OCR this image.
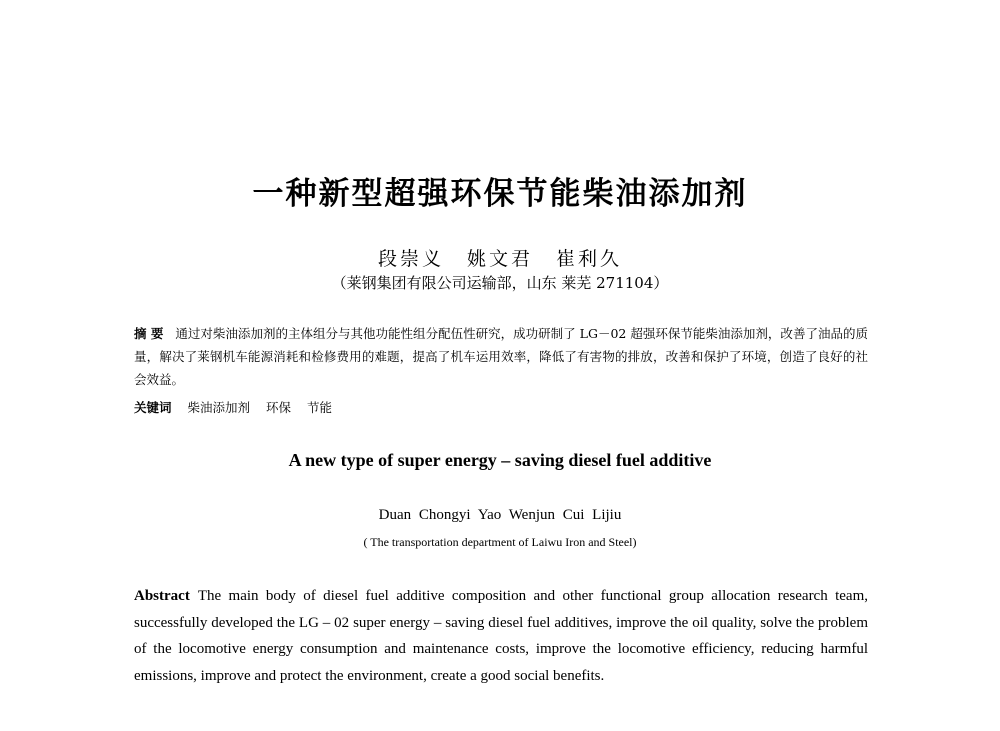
一种新型超强环保节能柴油添加剂
段崇义 姚文君 崔利久
（莱钢集团有限公司运输部，山东 莱芜 271104）
摘 要 通过对柴油添加剂的主体组分与其他功能性组分配伍性研究，成功研制了 LG－02 超强环保节能柴油添加剂，改善了油品的质量，解决了莱钢机车能源消耗和检修费用的难题，提高了机车运用效率，降低了有害物的排放，改善和保护了环境，创造了良好的社会效益。
关键词 柴油添加剂 环保 节能
A new type of super energy – saving diesel fuel additive
Duan Chongyi Yao Wenjun Cui Lijiu
( The transportation department of Laiwu Iron and Steel)
Abstract The main body of diesel fuel additive composition and other functional group allocation research team, successfully developed the LG – 02 super energy – saving diesel fuel additives, improve the oil quality, solve the problem of the locomotive energy consumption and maintenance costs, improve the locomotive efficiency, reducing harmful emissions, improve and protect the environment, create a good social benefits.
